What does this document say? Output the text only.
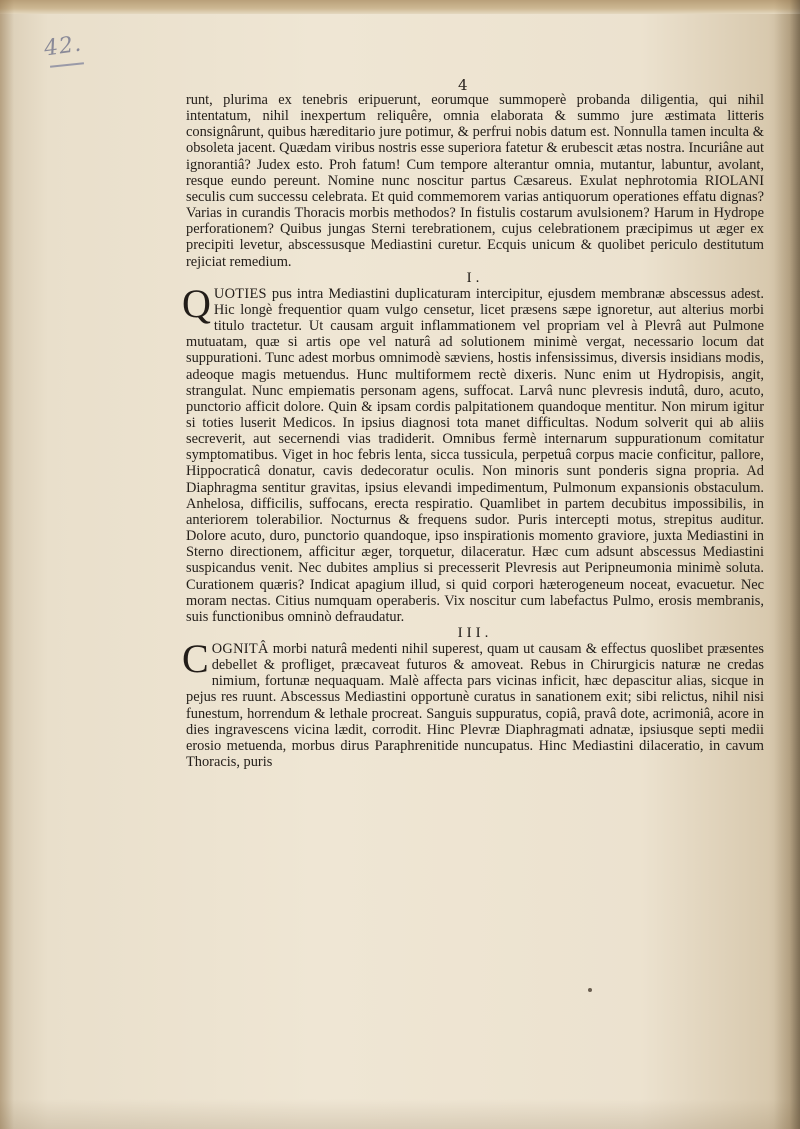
42.
4

runt, plurima ex tenebris eripuerunt, eorumque summoperè probanda diligentia, qui nihil intentatum, nihil inexpertum reliquêre, omnia elaborata & summo jure æstimata litteris consignârunt, quibus hæreditario jure potimur, & perfrui nobis datum est. Nonnulla tamen inculta & obsoleta jacent. Quædam viribus nostris esse superiora fatetur & erubescit ætas nostra. Incuriâne aut ignorantiâ? Judex esto. Proh fatum! Cum tempore alterantur omnia, mutantur, labuntur, avolant, resque eundo pereunt. Nomine nunc noscitur partus Cæsareus. Exulat nephrotomia RIOLANI seculis cum successu celebrata. Et quid commemorem varias antiquorum operationes effatu dignas? Varias in curandis Thoracis morbis methodos? In fistulis costarum avulsionem? Harum in Hydrope perforationem? Quibus jungas Sterni terebrationem, cujus celebrationem præcipimus ut æger ex precipiti levetur, abscessusque Mediastini curetur. Ecquis unicum & quolibet periculo destitutum rejiciat remedium.

I.

QUOTIES pus intra Mediastini duplicaturam intercipitur, ejusdem membranæ abscessus adest. Hic longè frequentior quam vulgo censetur, licet præsens sæpe ignoretur, aut alterius morbi titulo tractetur. Ut causam arguit inflammationem vel propriam vel à Plevrâ aut Pulmone mutuatam, quæ si artis ope vel naturâ ad solutionem minimè vergat, necessario locum dat suppurationi. Tunc adest morbus omnimodè sæviens, hostis infensissimus, diversis insidians modis, adeoque magis metuendus. Hunc multiformem rectè dixeris. Nunc enim ut Hydropisis, angit, strangulat. Nunc empiematis personam agens, suffocat. Larvâ nunc plevresis indutâ, duro, acuto, punctorio afficit dolore. Quin & ipsam cordis palpitationem quandoque mentitur. Non mirum igitur si toties luserit Medicos. In ipsius diagnosi tota manet difficultas. Nodum solverit qui ab aliis secreverit, aut secernendi vias tradiderit. Omnibus fermè internarum suppurationum comitatur symptomatibus. Viget in hoc febris lenta, sicca tussicula, perpetuâ corpus macie conficitur, pallore, Hippocraticâ donatur, cavis dedecoratur oculis. Non minoris sunt ponderis signa propria. Ad Diaphragma sentitur gravitas, ipsius elevandi impedimentum, Pulmonum expansionis obstaculum. Anhelosa, difficilis, suffocans, erecta respiratio. Quamlibet in partem decubitus impossibilis, in anteriorem tolerabilior. Nocturnus & frequens sudor. Puris intercepti motus, strepitus auditur. Dolore acuto, duro, punctorio quandoque, ipso inspirationis momento graviore, juxta Mediastini in Sterno directionem, afficitur æger, torquetur, dilaceratur. Hæc cum adsunt abscessus Mediastini suspicandus venit. Nec dubites amplius si precesserit Plevresis aut Peripneumonia minimè soluta. Curationem quæris? Indicat apagium illud, si quid corpori hæterogeneum noceat, evacuetur. Nec moram nectas. Citius numquam operaberis. Vix noscitur cum labefactus Pulmo, erosis membranis, suis functionibus omninò defraudatur.

III.

COGNITÂ morbi naturâ medenti nihil superest, quam ut causam & effectus quoslibet præsentes debellet & profliget, præcaveat futuros & amoveat. Rebus in Chirurgicis naturæ ne credas nimium, fortunæ nequaquam. Malè affecta pars vicinas inficit, hæc depascitur alias, sicque in pejus res ruunt. Abscessus Mediastini opportunè curatus in sanationem exit; sibi relictus, nihil nisi funestum, horrendum & lethale procreat. Sanguis suppuratus, copiâ, pravâ dote, acrimoniâ, acore in dies ingravescens vicina lædit, corrodit. Hinc Plevræ Diaphragmati adnatæ, ipsiusque septi medii erosio metuenda, morbus dirus Paraphrenitide nuncupatus. Hinc Mediastini dilaceratio, in cavum Thoracis, puris
